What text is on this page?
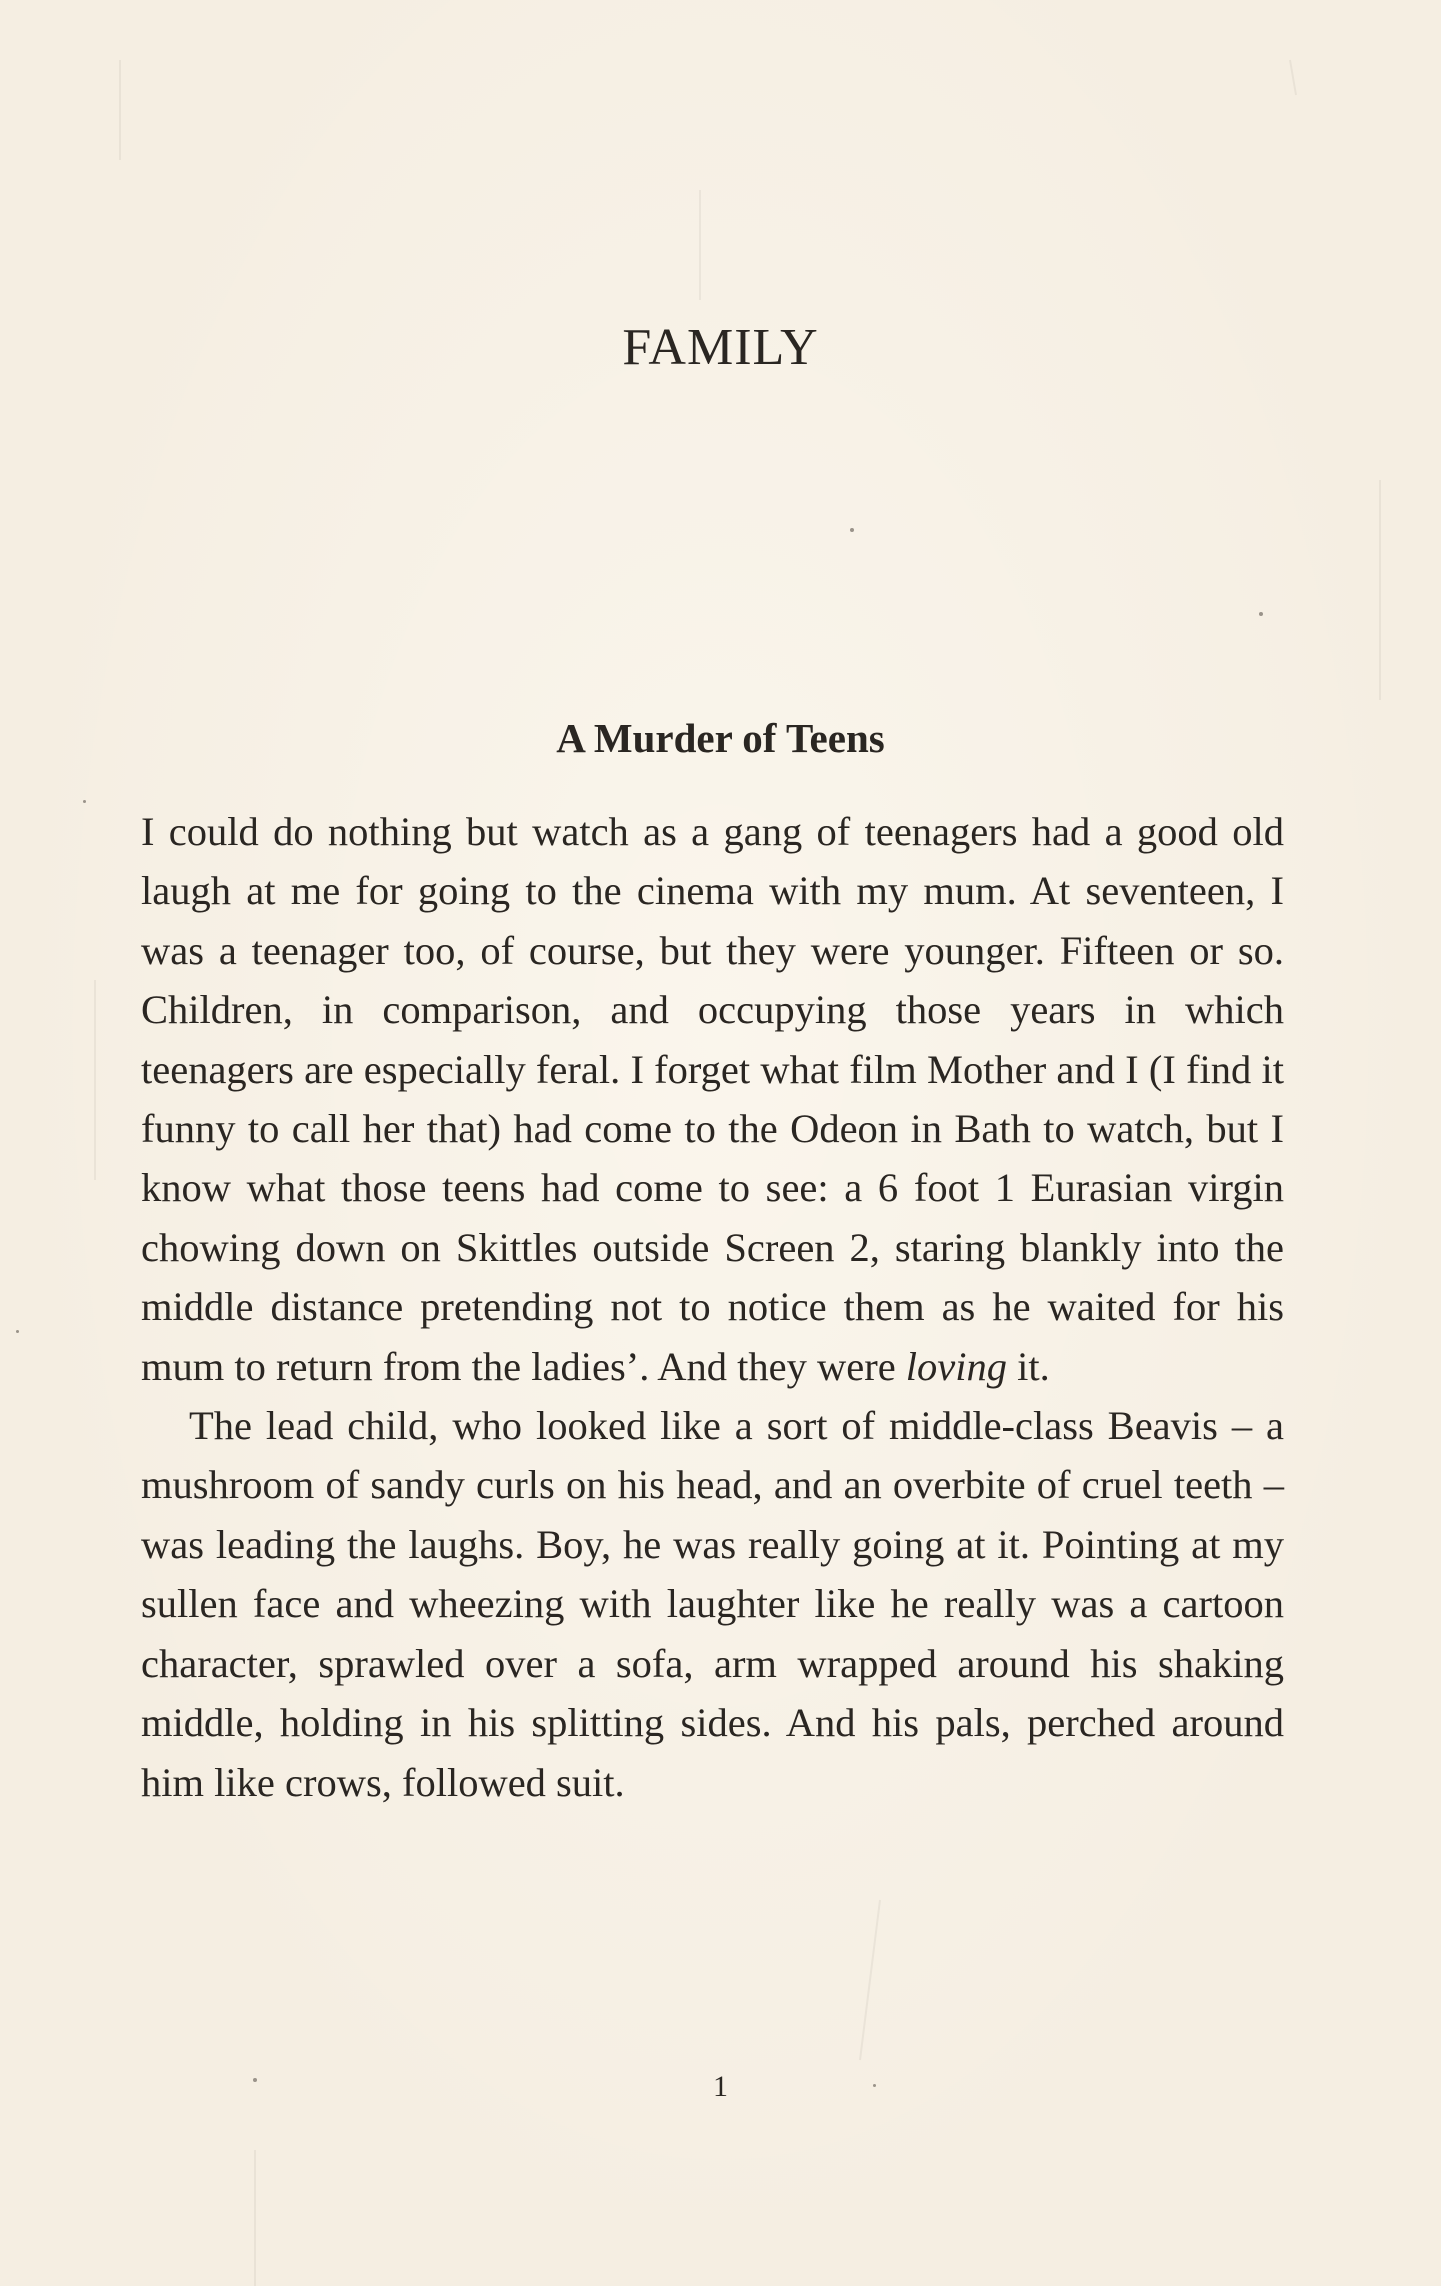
FAMILY
A Murder of Teens

I could do nothing but watch as a gang of teenagers had a good old laugh at me for going to the cinema with my mum. At seventeen, I was a teenager too, of course, but they were younger. Fifteen or so. Children, in comparison, and occupying those years in which teenagers are especially feral. I forget what film Mother and I (I find it funny to call her that) had come to the Odeon in Bath to watch, but I know what those teens had come to see: a 6 foot 1 Eurasian virgin chowing down on Skittles outside Screen 2, staring blankly into the middle distance pretending not to notice them as he waited for his mum to return from the ladies’. And they were loving it.

The lead child, who looked like a sort of middle-class Beavis – a mushroom of sandy curls on his head, and an overbite of cruel teeth – was leading the laughs. Boy, he was really going at it. Pointing at my sullen face and wheezing with laughter like he really was a cartoon character, sprawled over a sofa, arm wrapped around his shaking middle, holding in his splitting sides. And his pals, perched around him like crows, followed suit.

1
